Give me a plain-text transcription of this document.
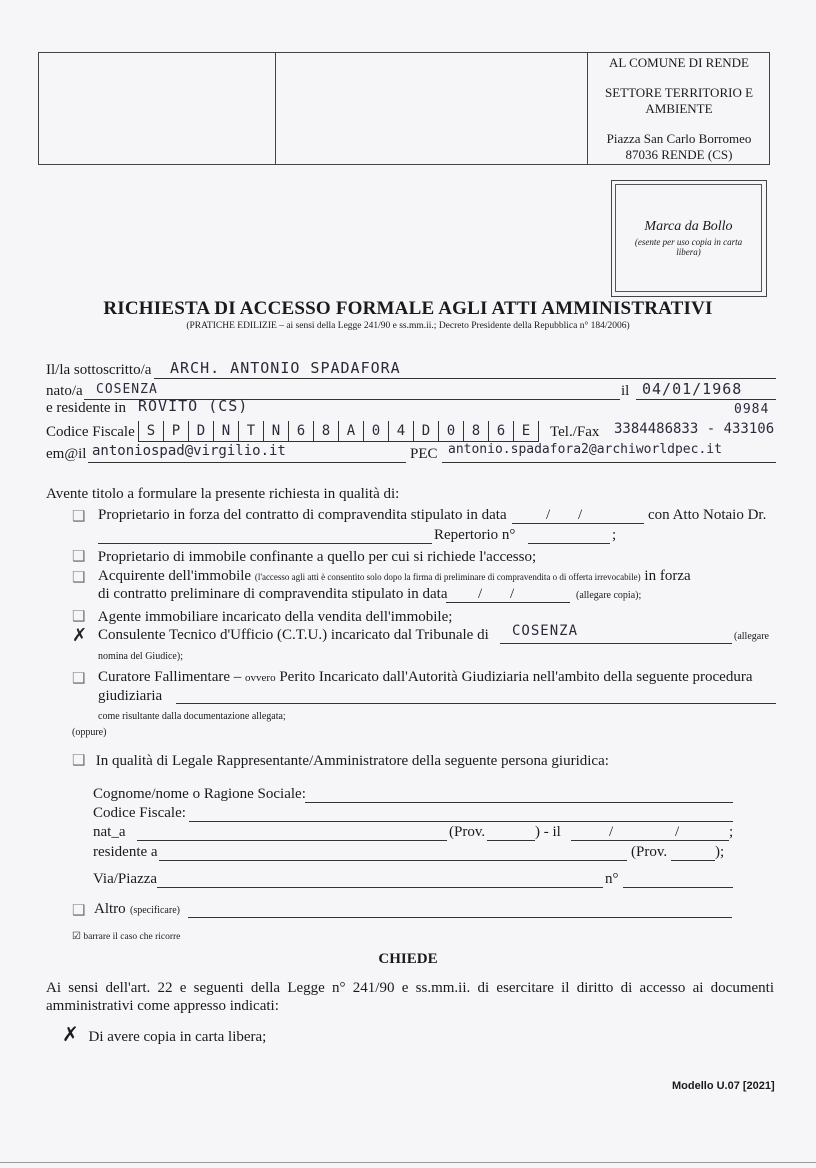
AL COMUNE DI RENDE
SETTORE TERRITORIO E
AMBIENTE
Piazza San Carlo Borromeo
87036 RENDE (CS)
Marca da Bollo
(esente per uso copia in carta
libera)
RICHIESTA DI ACCESSO FORMALE AGLI ATTI AMMINISTRATIVI
(PRATICHE EDILIZIE – ai sensi della Legge 241/90 e ss.mm.ii.; Decreto Presidente della Repubblica n° 184/2006)
Il/la sottoscritto/a ARCH. ANTONIO SPADAFORA
nato/a COSENZA	il 04/01/1968
e residente in ROVITO (CS)	0984
Codice Fiscale S	P	D	N	T	N	6	8	A	0	4	D	0	8	6	E	Tel./Fax 3384486833 - 433106
em@il antoniospad@virgilio.it	PEC antonio.spadafora2@archiworldpec.it
Avente titolo a formulare la presente richiesta in qualità di:
❑ Proprietario in forza del contratto di compravendita stipulato in data	/ /	con Atto Notaio Dr.
Repertorio n°	;
❑ Proprietario di immobile confinante a quello per cui si richiede l'accesso;
❑ Acquirente dell'immobile (l'accesso agli atti è consentito solo dopo la firma di preliminare di compravendita o di offerta irrevocabile) in forza
di contratto preliminare di compravendita stipulato in data / /	(allegare copia);
❑ Agente immobiliare incaricato della vendita dell'immobile;
✗ Consulente Tecnico d'Ufficio (C.T.U.) incaricato dal Tribunale di COSENZA	(allegare
nomina del Giudice);
❑ Curatore Fallimentare – ovvero Perito Incaricato dall'Autorità Giudiziaria nell'ambito della seguente procedura
giudiziaria
come risultante dalla documentazione allegata;
(oppure)
❑ In qualità di Legale Rappresentante/Amministratore della seguente persona giuridica:
Cognome/nome o Ragione Sociale:
Codice Fiscale:
nat_a	(Prov.	) - il	/	/	;
residente a	(Prov.	);
Via/Piazza	n°
❑ Altro (specificare)
☑ barrare il caso che ricorre
CHIEDE
Ai sensi dell'art. 22 e seguenti della Legge n° 241/90 e ss.mm.ii. di esercitare il diritto di accesso ai documenti
amministrativi come appresso indicati:
✗ Di avere copia in carta libera;
Modello U.07 [2021]
